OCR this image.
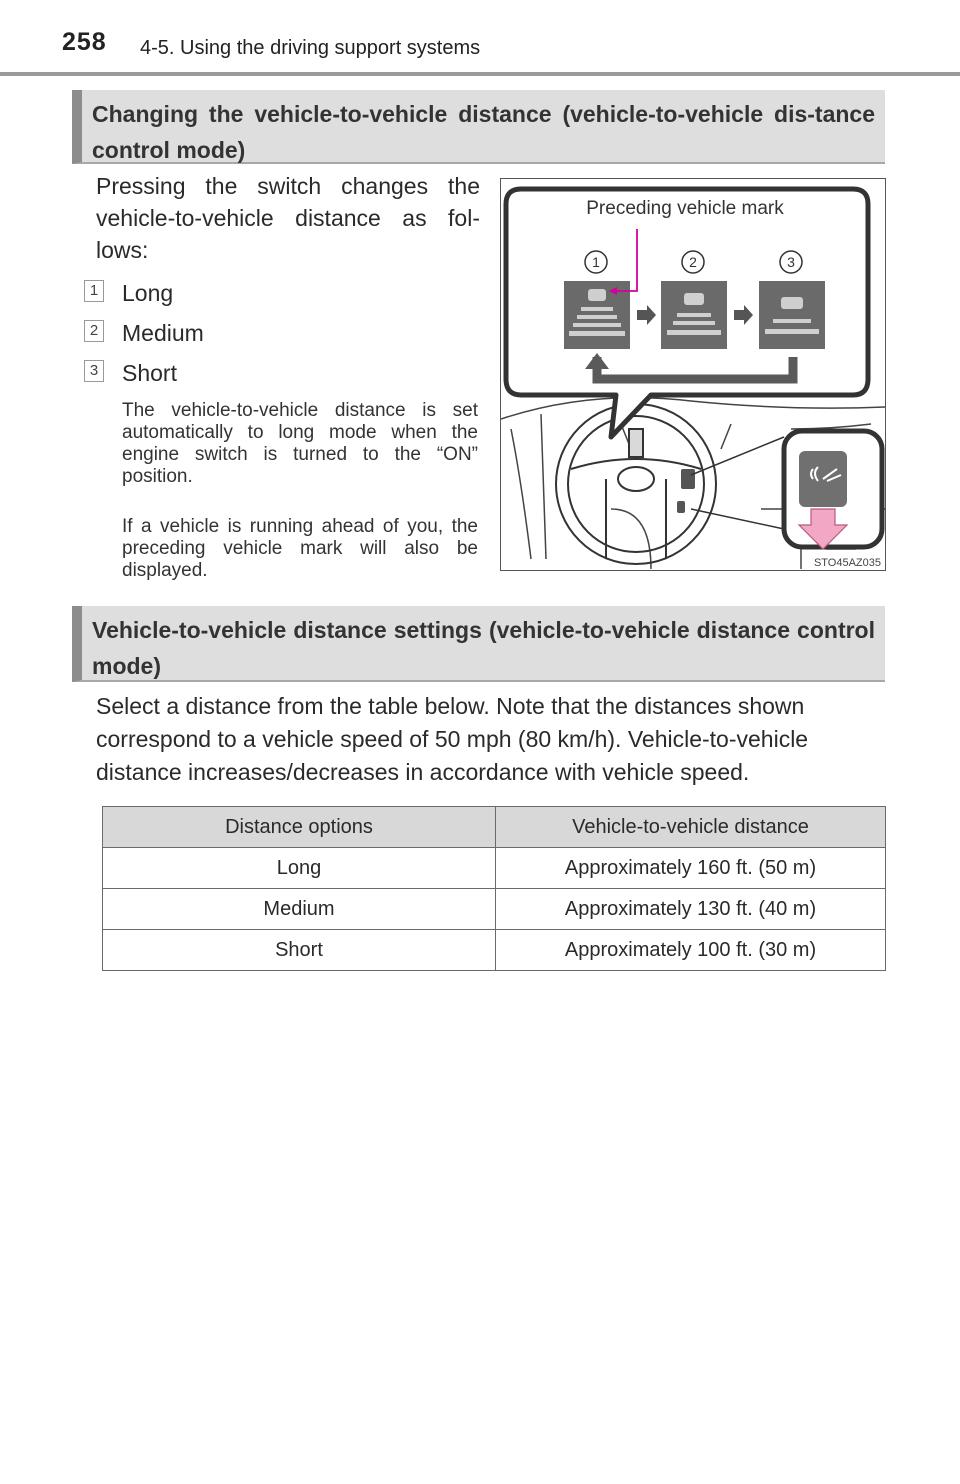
258 4-5. Using the driving support systems
Changing the vehicle-to-vehicle distance (vehicle-to-vehicle dis-tance control mode)
Pressing the switch changes the vehicle-to-vehicle distance as fol-lows:
1 Long
2 Medium
3 Short
The vehicle-to-vehicle distance is set automatically to long mode when the engine switch is turned to the “ON” position.
If a vehicle is running ahead of you, the preceding vehicle mark will also be displayed.
1	2	3
Preceding vehicle mark
STO45AZ035
Vehicle-to-vehicle distance settings (vehicle-to-vehicle distance control mode)
Select a distance from the table below. Note that the distances shown correspond to a vehicle speed of 50 mph (80 km/h). Vehicle-to-vehicle distance increases/decreases in accordance with vehicle speed.
Distance options	Vehicle-to-vehicle distance
Long	Approximately 160 ft. (50 m)
Medium	Approximately 130 ft. (40 m)
Short	Approximately 100 ft. (30 m)
